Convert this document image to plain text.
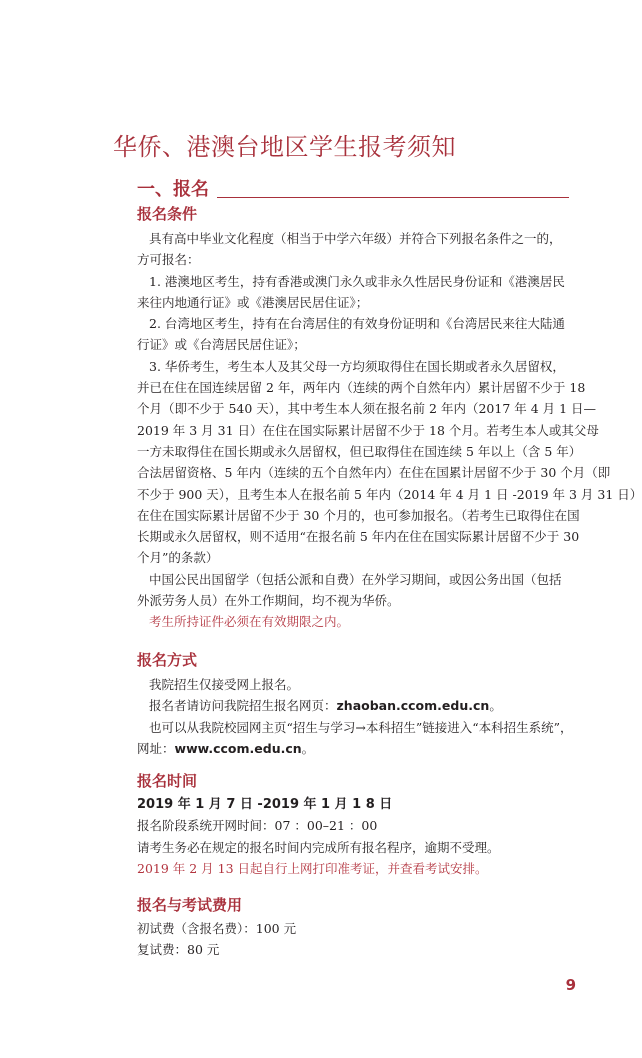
华侨、港澳台地区学生报考须知
一、报名
报名条件
具有高中毕业文化程度（相当于中学六年级）并符合下列报名条件之一的，
方可报名：
1. 港澳地区考生，持有香港或澳门永久或非永久性居民身份证和《港澳居民
来往内地通行证》或《港澳居民居住证》；
2. 台湾地区考生，持有在台湾居住的有效身份证明和《台湾居民来往大陆通
行证》或《台湾居民居住证》；
3. 华侨考生，考生本人及其父母一方均须取得住在国长期或者永久居留权，
并已在住在国连续居留 2 年，两年内（连续的两个自然年内）累计居留不少于 18
个月（即不少于 540 天），其中考生本人须在报名前 2 年内（2017 年 4 月 1 日—
2019 年 3 月 31 日）在住在国实际累计居留不少于 18 个月。若考生本人或其父母
一方未取得住在国长期或永久居留权，但已取得住在国连续 5 年以上（含 5 年）
合法居留资格、5 年内（连续的五个自然年内）在住在国累计居留不少于 30 个月（即
不少于 900 天），且考生本人在报名前 5 年内（2014 年 4 月 1 日 -2019 年 3 月 31 日）
在住在国实际累计居留不少于 30 个月的，也可参加报名。（若考生已取得住在国
长期或永久居留权，则不适用“在报名前 5 年内在住在国实际累计居留不少于 30
个月”的条款）
中国公民出国留学（包括公派和自费）在外学习期间，或因公务出国（包括
外派劳务人员）在外工作期间，均不视为华侨。
考生所持证件必须在有效期限之内。
报名方式
我院招生仅接受网上报名。
报名者请访问我院招生报名网页：zhaoban.ccom.edu.cn。
也可以从我院校园网主页“招生与学习→本科招生”链接进入“本科招生系统”，
网址：www.ccom.edu.cn。
报名时间
2019 年 1 月 7 日 -2019 年 1 月 1 8 日
报名阶段系统开网时间：07 ：00–21 ：00
请考生务必在规定的报名时间内完成所有报名程序，逾期不受理。
2019 年 2 月 13 日起自行上网打印准考证，并查看考试安排。
报名与考试费用
初试费（含报名费）：100 元
复试费：80 元
9
